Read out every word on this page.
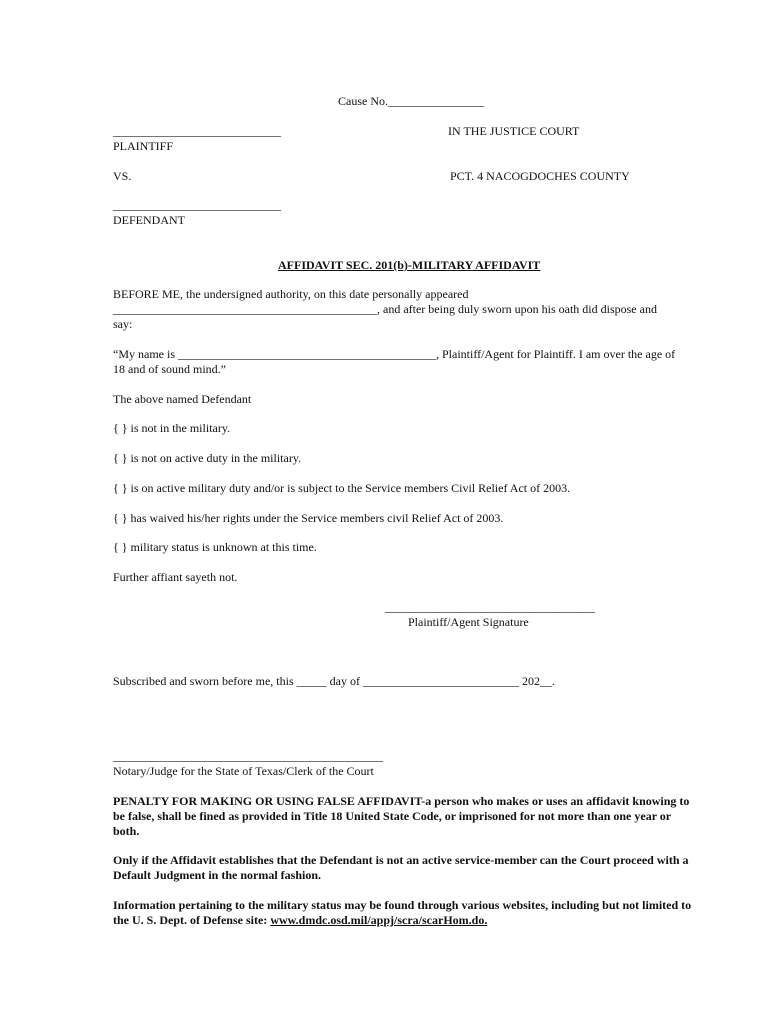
Cause No.________________
____________________________
PLAINTIFF
IN THE JUSTICE COURT
VS.	PCT. 4 NACOGDOCHES COUNTY
____________________________
DEFENDANT
AFFIDAVIT SEC. 201(b)-MILITARY AFFIDAVIT
BEFORE ME, the undersigned authority, on this date personally appeared
____________________________________________, and after being duly sworn upon his oath did dispose and
say:
“My name is ___________________________________________, Plaintiff/Agent for Plaintiff. I am over the age of
18 and of sound mind.”
The above named Defendant
{ } is not in the military.
{ } is not on active duty in the military.
{ } is on active military duty and/or is subject to the Service members Civil Relief Act of 2003.
{ } has waived his/her rights under the Service members civil Relief Act of 2003.
{ } military status is unknown at this time.
Further affiant sayeth not.
___________________________________
Plaintiff/Agent Signature
Subscribed and sworn before me, this _____ day of __________________________ 202__.
_____________________________________________
Notary/Judge for the State of Texas/Clerk of the Court
PENALTY FOR MAKING OR USING FALSE AFFIDAVIT-a person who makes or uses an affidavit knowing to
be false, shall be fined as provided in Title 18 United State Code, or imprisoned for not more than one year or
both.
Only if the Affidavit establishes that the Defendant is not an active service-member can the Court proceed with a
Default Judgment in the normal fashion.
Information pertaining to the military status may be found through various websites, including but not limited to
the U. S. Dept. of Defense site: www.dmdc.osd.mil/appj/scra/scarHom.do.
